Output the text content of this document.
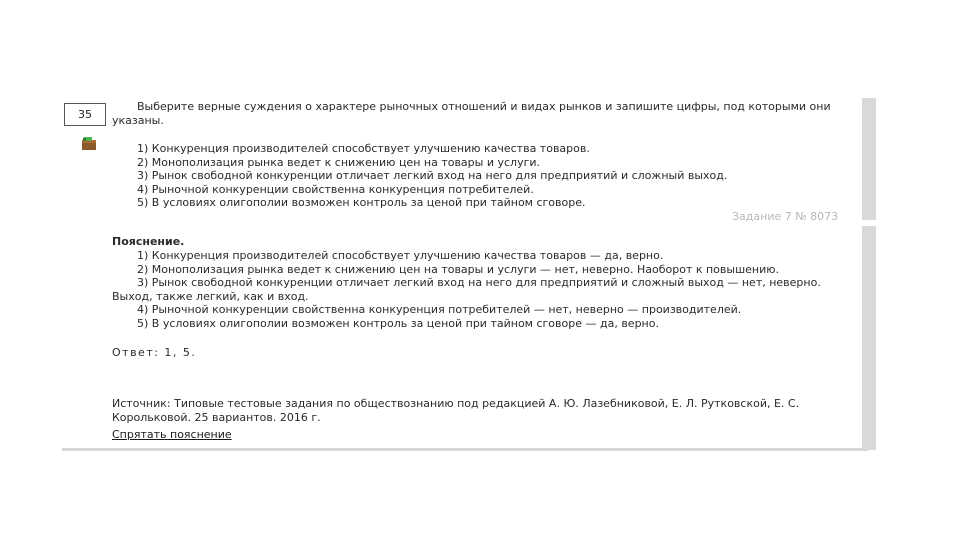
35
Выберите верные суждения о характере рыночных отношений и видах рынков и запишите цифры, под которыми они указаны.
1) Конкуренция производителей способствует улучшению качества товаров.
2) Монополизация рынка ведет к снижению цен на товары и услуги.
3) Рынок свободной конкуренции отличает легкий вход на него для предприятий и сложный выход.
4) Рыночной конкуренции свойственна конкуренция потребителей.
5) В условиях олигополии возможен контроль за ценой при тайном сговоре.
Задание 7 № 8073
Пояснение.
1) Конкуренция производителей способствует улучшению качества товаров — да, верно.
2) Монополизация рынка ведет к снижению цен на товары и услуги — нет, неверно. Наоборот к повышению.
3) Рынок свободной конкуренции отличает легкий вход на него для предприятий и сложный выход — нет, неверно.
Выход, также легкий, как и вход.
4) Рыночной конкуренции свойственна конкуренция потребителей — нет, неверно — производителей.
5) В условиях олигополии возможен контроль за ценой при тайном сговоре — да, верно.
Ответ: 1, 5.
Источник: Типовые тестовые задания по обществознанию под редакцией А. Ю. Лазебниковой, Е. Л. Рутковской, Е. С. Корольковой. 25 вариантов. 2016 г.
Спрятать пояснение
